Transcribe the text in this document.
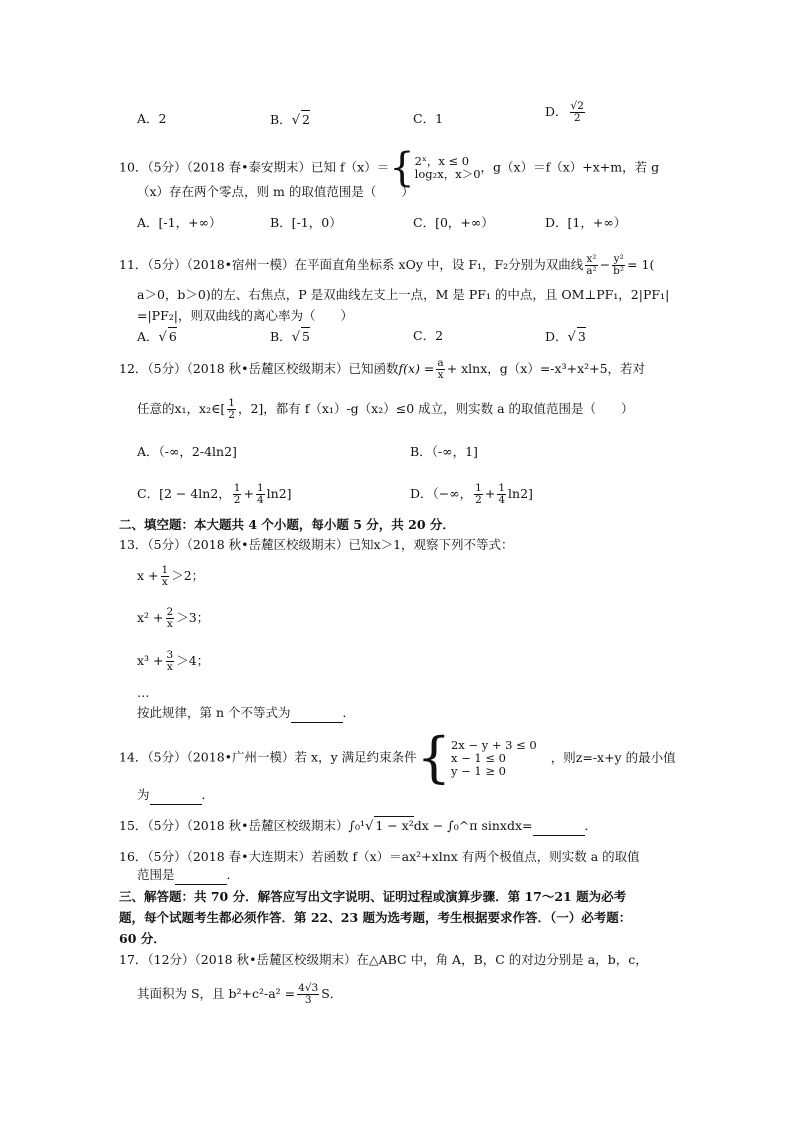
A．2	B．√ 2	C．1	D． $\frac{√2}{2}$
10．（5分）（2018 春•泰安期末）已知 f（x）＝{ 2ˣ，x ≤ 0
log₂x，x＞0 ，g（x）＝f（x）+x+m，若 g
（x）存在两个零点，则 m 的取值范围是（　　）
A．[-1，+∞）	B．[-1，0）	C．[0，+∞）	D．[1，+∞）
11．（5分）（2018•宿州一模）在平面直角坐标系 xOy 中，设 F₁，F₂分别为双曲线 $\frac{\text{x²}}{\text{a²}} - \frac{\text{y²}}{\text{b²}} = 1$(
a＞0，b＞0)的左、右焦点，P 是双曲线左支上一点，M 是 PF₁ 的中点，且 OM⊥PF₁，2|PF₁|
=|PF₂|，则双曲线的离心率为（　　）
A．√ 6	B．√ 5	C．2	D．√ 3
12．（5分）（2018 秋•岳麓区校级期末）已知函数$f(x) = \frac{a}{x} + xlnx$，g（x）=-x³+x²+5，若对
任意的x₁，x₂∈[ $\frac{1}{2}$ ，2]，都有 f（x₁）-g（x₂）≤0 成立，则实数 a 的取值范围是（　　）
A．（-∞，2-4ln2]	B．（-∞，1]
C．[2 − 4ln2， $\frac{1}{2} + \frac{1}{4} \ln 2$]	D．（−∞， $\frac{1}{2} + \frac{1}{4} \ln 2$]
二、填空题：本大题共 4 个小题，每小题 5 分，共 20 分．
13．（5分）（2018 秋•岳麓区校级期末）已知x＞1，观察下列不等式：
$x + \frac{1}{x} >2$；
$x^2 + \frac{2}{x} >3$；
$x^3 + \frac{3}{x} >4$；
…
按此规律，第 n 个不等式为	．
14．（5分）（2018•广州一模）若 x，y 满足约束条件{ 2x − y + 3 ≤ 0
x − 1 ≤ 0
y − 1 ≥ 0
，则z=-x+y 的最小值
为	．
15．（5分）（2018 秋•岳麓区校级期末）∫₀¹√ 1 − x²dx − ∫₀^π sinxdx=	．
16．（5分）（2018 春•大连期末）若函数 f（x）＝ax²+xlnx 有两个极值点，则实数 a 的取值
范围是	．
三、解答题：共 70 分．解答应写出文字说明、证明过程或演算步骤．第 17～21 题为必考
题，每个试题考生都必须作答．第 22、23 题为选考题，考生根据要求作答．（一）必考题：
60 分．
17．（12分）（2018 秋•岳麓区校级期末）在△ABC 中，角 A，B，C 的对边分别是 a，b，c，
其面积为 S，且 $b^2+c^2-a^2 = \frac{4√3}{3}$ S．
